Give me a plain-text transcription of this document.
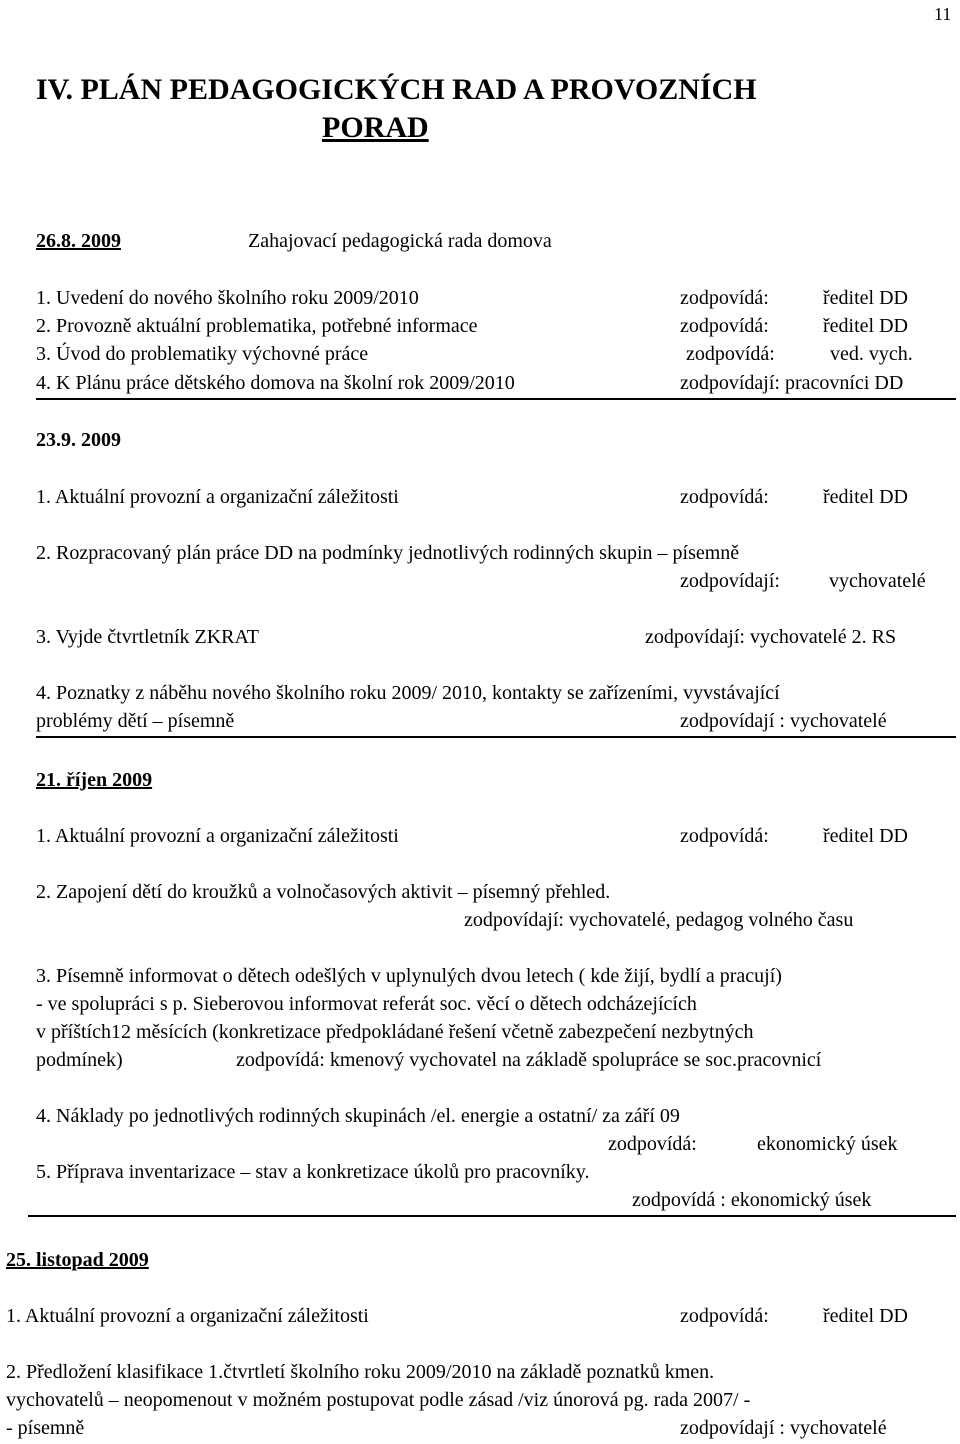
11
IV. PLÁN PEDAGOGICKÝCH RAD A PROVOZNÍCH
PORAD
26.8. 2009	Zahajovací pedagogická rada domova
1. Uvedení do nového školního roku 2009/2010	zodpovídá:	ředitel DD
2. Provozně aktuální problematika, potřebné informace	zodpovídá:	ředitel DD
3. Úvod do problematiky výchovné práce	zodpovídá:	ved. vych.
4. K Plánu práce dětského domova na školní rok 2009/2010	zodpovídají: pracovníci DD
23.9. 2009
1. Aktuální provozní a organizační záležitosti	zodpovídá:	ředitel DD
2. Rozpracovaný plán práce DD na podmínky jednotlivých rodinných skupin – písemně
zodpovídají: vychovatelé
3. Vyjde čtvrtletník ZKRAT	zodpovídají: vychovatelé 2. RS
4. Poznatky z náběhu nového školního roku 2009/ 2010, kontakty se zařízeními, vyvstávající
problémy dětí – písemně	zodpovídají : vychovatelé
21. říjen 2009
1. Aktuální provozní a organizační záležitosti	zodpovídá:	ředitel DD
2. Zapojení dětí do kroužků a volnočasových aktivit – písemný přehled.
zodpovídají: vychovatelé, pedagog volného času
3. Písemně informovat o dětech odešlých v uplynulých dvou letech ( kde žijí, bydlí a pracují)
- ve spolupráci s p. Sieberovou informovat referát soc. věcí o dětech odcházejících
v příštích12 měsících (konkretizace předpokládané řešení včetně zabezpečení nezbytných
podmínek)	zodpovídá: kmenový vychovatel na základě spolupráce se soc.pracovnicí
4. Náklady po jednotlivých rodinných skupinách /el. energie a ostatní/ za září 09
zodpovídá:	ekonomický úsek
5. Příprava inventarizace – stav a konkretizace úkolů pro pracovníky.
zodpovídá : ekonomický úsek
25. listopad 2009
1. Aktuální provozní a organizační záležitosti	zodpovídá:	ředitel DD
2. Předložení klasifikace 1.čtvrtletí školního roku 2009/2010 na základě poznatků kmen.
vychovatelů – neopomenout v možném postupovat podle zásad /viz únorová pg. rada 2007/ -
- písemně	zodpovídají : vychovatelé
